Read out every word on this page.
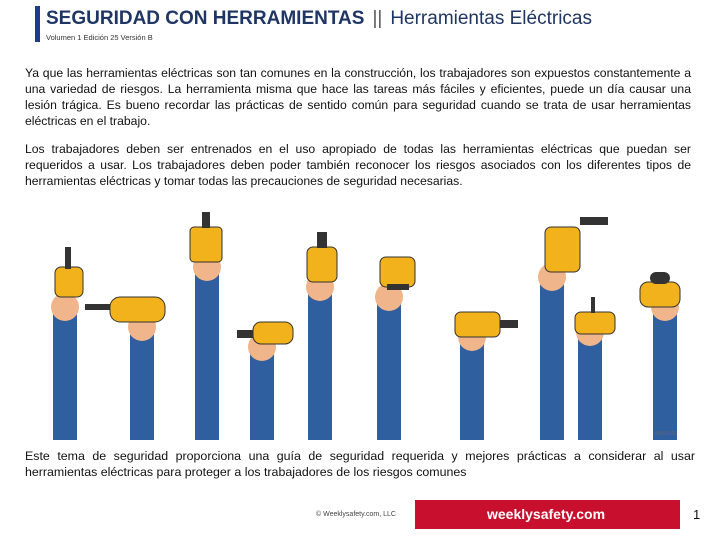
SEGURIDAD CON HERRAMIENTAS || Herramientas Eléctricas
Volumen 1 Edición 25 Versión B
Ya que las herramientas eléctricas son tan comunes en la construcción, los trabajadores son expuestos constantemente a una variedad de riesgos. La herramienta misma que hace las tareas más fáciles y eficientes, puede un día causar una lesión trágica. Es bueno recordar las prácticas de sentido común para seguridad cuando se trata de usar herramientas eléctricas en el trabajo.
Los trabajadores deben ser entrenados en el uso apropiado de todas las herramientas eléctricas que puedan ser requeridos a usar. Los trabajadores deben poder también reconocer los riesgos asociados con los diferentes tipos de herramientas eléctricas y tomar todas las precauciones de seguridad necesarias.
00001000
Este tema de seguridad proporciona una guía de seguridad requerida y mejores prácticas a considerar al usar herramientas eléctricas para proteger a los trabajadores de los riesgos comunes
© Weeklysafety.com, LLC	weeklysafety.com	1
